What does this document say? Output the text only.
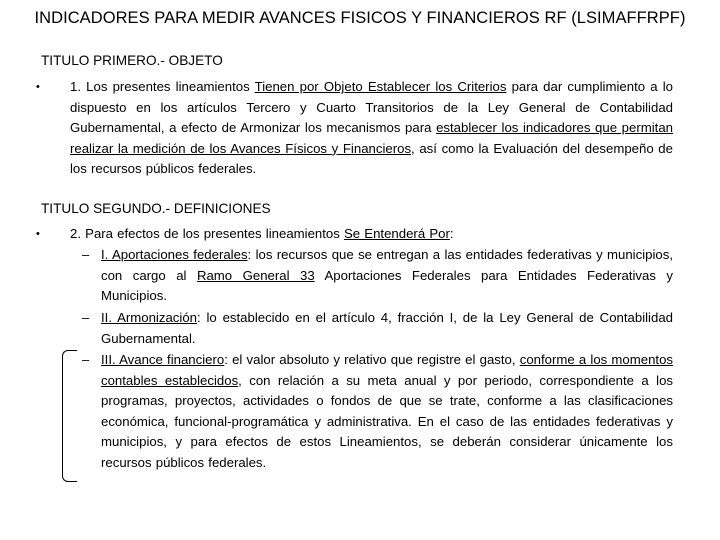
INDICADORES PARA MEDIR AVANCES FISICOS Y FINANCIEROS RF (LSIMAFFRPF)
TITULO PRIMERO.- OBJETO
• 1. Los presentes lineamientos Tienen por Objeto Establecer los Criterios para dar cumplimiento a lo dispuesto en los artículos Tercero y Cuarto Transitorios de la Ley General de Contabilidad Gubernamental, a efecto de Armonizar los mecanismos para establecer los indicadores que permitan realizar la medición de los Avances Físicos y Financieros, así como la Evaluación del desempeño de los recursos públicos federales.
TITULO SEGUNDO.- DEFINICIONES
• 2. Para efectos de los presentes lineamientos Se Entenderá Por:
– I. Aportaciones federales: los recursos que se entregan a las entidades federativas y municipios, con cargo al Ramo General 33 Aportaciones Federales para Entidades Federativas y Municipios.
– II. Armonización: lo establecido en el artículo 4, fracción I, de la Ley General de Contabilidad Gubernamental.
– III. Avance financiero: el valor absoluto y relativo que registre el gasto, conforme a los momentos contables establecidos, con relación a su meta anual y por periodo, correspondiente a los programas, proyectos, actividades o fondos de que se trate, conforme a las clasificaciones económica, funcional-programática y administrativa. En el caso de las entidades federativas y municipios, y para efectos de estos Lineamientos, se deberán considerar únicamente los recursos públicos federales.
